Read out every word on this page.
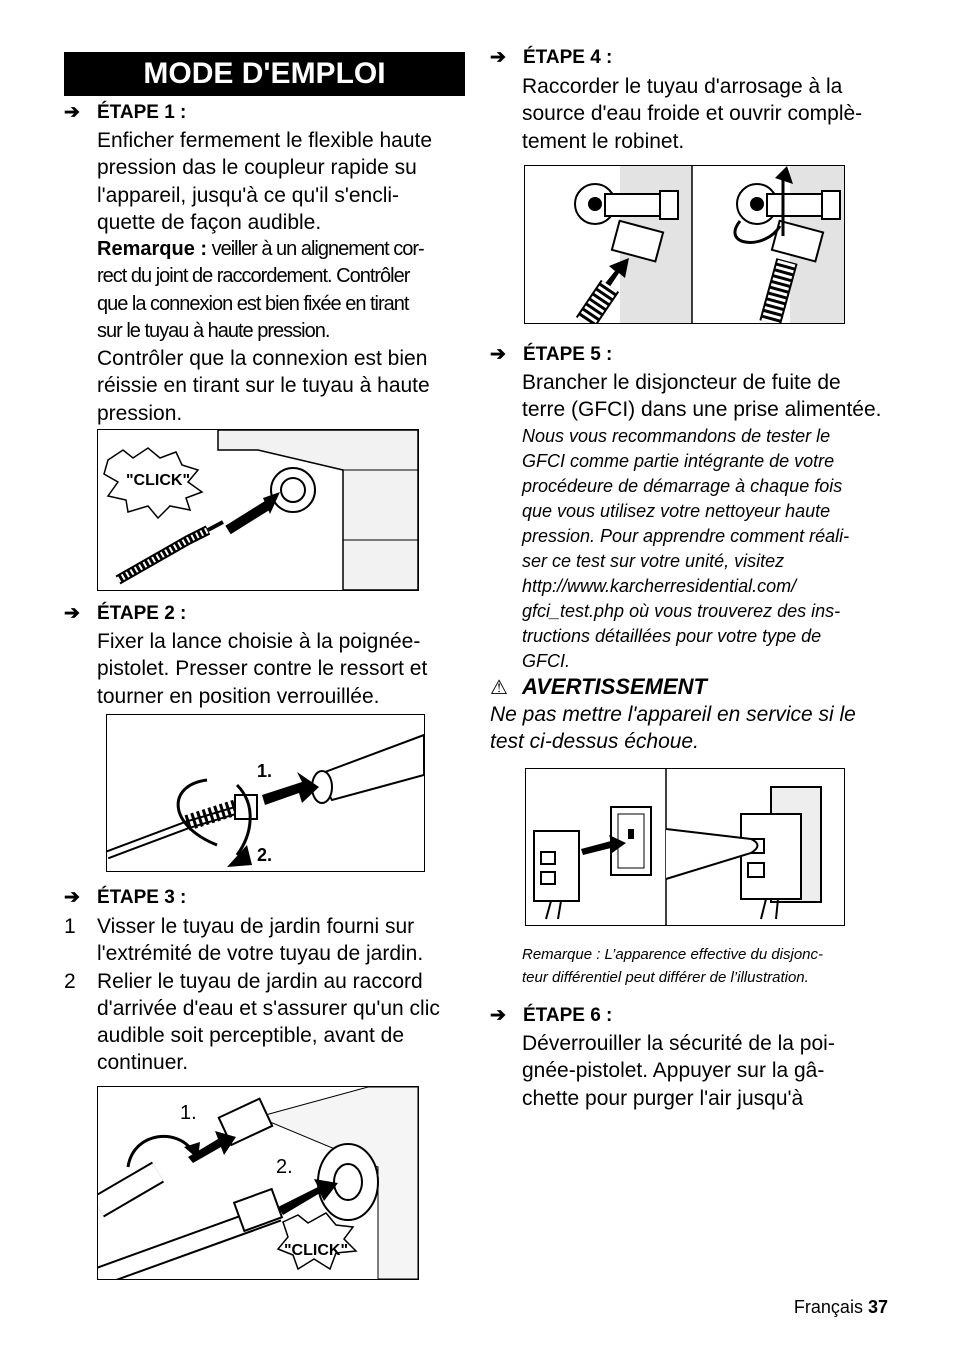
MODE D'EMPLOI
➔ ÉTAPE 1 :
Enficher fermement le flexible haute
pression das le coupleur rapide su
l'appareil, jusqu'à ce qu'il s'encli-
quette de façon audible.
Remarque : veiller à un alignement cor-
rect du joint de raccordement. Contrôler
que la connexion est bien fixée en tirant
sur le tuyau à haute pression.
Contrôler que la connexion est bien
réissie en tirant sur le tuyau à haute
pression.
"CLICK"
➔ ÉTAPE 2 :
Fixer la lance choisie à la poignée-
pistolet. Presser contre le ressort et
tourner en position verrouillée.
1.
2.
➔ ÉTAPE 3 :
1	Visser le tuyau de jardin fourni sur
l'extrémité de votre tuyau de jardin.
2	Relier le tuyau de jardin au raccord
d'arrivée d'eau et s'assurer qu'un clic
audible soit perceptible, avant de
continuer.
1.
2.
"CLICK"
➔ ÉTAPE 4 :
Raccorder le tuyau d'arrosage à la
source d'eau froide et ouvrir complè-
tement le robinet.
➔ ÉTAPE 5 :
Brancher le disjoncteur de fuite de
terre (GFCI) dans une prise alimentée.
Nous vous recommandons de tester le
GFCI comme partie intégrante de votre
procédeure de démarrage à chaque fois
que vous utilisez votre nettoyeur haute
pression. Pour apprendre comment réali-
ser ce test sur votre unité, visitez
http://www.karcherresidential.com/
gfci_test.php où vous trouverez des ins-
tructions détaillées pour votre type de
GFCI.
⚠ AVERTISSEMENT
Ne pas mettre l'appareil en service si le
test ci-dessus échoue.
Remarque : L’apparence effective du disjonc-
teur différentiel peut différer de l’illustration.
➔ ÉTAPE 6 :
Déverrouiller la sécurité de la poi-
gnée-pistolet. Appuyer sur la gâ-
chette pour purger l'air jusqu'à
Français 37
